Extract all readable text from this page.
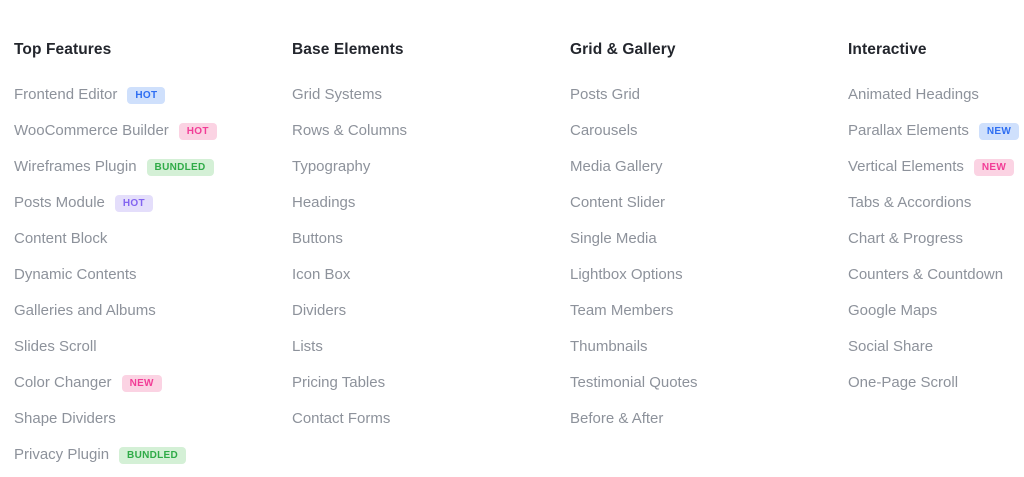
Top Features
Frontend Editor	HOT
WooCommerce Builder	HOT
Wireframes Plugin	BUNDLED
Posts Module	HOT
Content Block
Dynamic Contents
Galleries and Albums
Slides Scroll
Color Changer	NEW
Shape Dividers
Privacy Plugin	BUNDLED
Base Elements
Grid Systems
Rows & Columns
Typography
Headings
Buttons
Icon Box
Dividers
Lists
Pricing Tables
Contact Forms
Grid & Gallery
Posts Grid
Carousels
Media Gallery
Content Slider
Single Media
Lightbox Options
Team Members
Thumbnails
Testimonial Quotes
Before & After
Interactive
Animated Headings
Parallax Elements	NEW
Vertical Elements	NEW
Tabs & Accordions
Chart & Progress
Counters & Countdown
Google Maps
Social Share
One-Page Scroll
